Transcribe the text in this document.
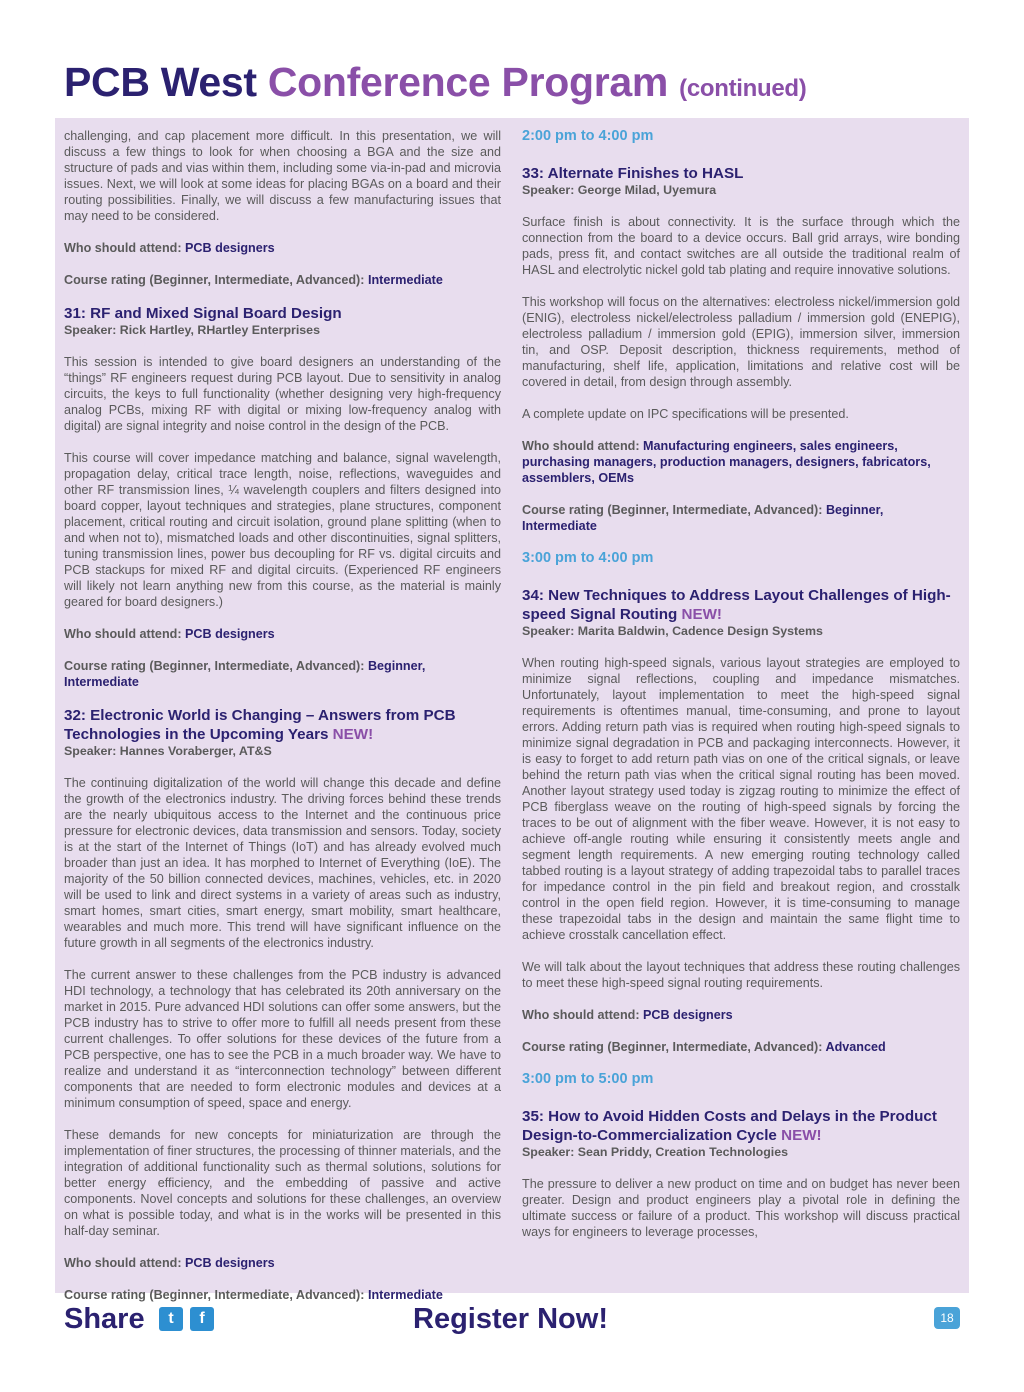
PCB West Conference Program (continued)

challenging, and cap placement more difficult. In this presentation, we will discuss a few things to look for when choosing a BGA and the size and structure of pads and vias within them, including some via-in-pad and microvia issues. Next, we will look at some ideas for placing BGAs on a board and their routing possibilities. Finally, we will discuss a few manufacturing issues that may need to be considered.

Who should attend: PCB designers
Course rating (Beginner, Intermediate, Advanced): Intermediate
31: RF and Mixed Signal Board Design
Speaker: Rick Hartley, RHartley Enterprises

This session is intended to give board designers an understanding of the “things” RF engineers request during PCB layout. Due to sensitivity in analog circuits, the keys to full functionality (whether designing very high-frequency analog PCBs, mixing RF with digital or mixing low-frequency analog with digital) are signal integrity and noise control in the design of the PCB.

This course will cover impedance matching and balance, signal wavelength, propagation delay, critical trace length, noise, reflections, waveguides and other RF transmission lines, ¼ wavelength couplers and filters designed into board copper, layout techniques and strategies, plane structures, component placement, critical routing and circuit isolation, ground plane splitting (when to and when not to), mismatched loads and other discontinuities, signal splitters, tuning transmission lines, power bus decoupling for RF vs. digital circuits and PCB stackups for mixed RF and digital circuits. (Experienced RF engineers will likely not learn anything new from this course, as the material is mainly geared for board designers.)

Who should attend: PCB designers
Course rating (Beginner, Intermediate, Advanced): Beginner, Intermediate
32: Electronic World is Changing – Answers from PCB Technologies in the Upcoming Years NEW!
Speaker: Hannes Voraberger, AT&S

The continuing digitalization of the world will change this decade and define the growth of the electronics industry. The driving forces behind these trends are the nearly ubiquitous access to the Internet and the continuous price pressure for electronic devices, data transmission and sensors. Today, society is at the start of the Internet of Things (IoT) and has already evolved much broader than just an idea. It has morphed to Internet of Everything (IoE). The majority of the 50 billion connected devices, machines, vehicles, etc. in 2020 will be used to link and direct systems in a variety of areas such as industry, smart homes, smart cities, smart energy, smart mobility, smart healthcare, wearables and much more. This trend will have significant influence on the future growth in all segments of the electronics industry.

The current answer to these challenges from the PCB industry is advanced HDI technology, a technology that has celebrated its 20th anniversary on the market in 2015. Pure advanced HDI solutions can offer some answers, but the PCB industry has to strive to offer more to fulfill all needs present from these current challenges. To offer solutions for these devices of the future from a PCB perspective, one has to see the PCB in a much broader way. We have to realize and understand it as “interconnection technology” between different components that are needed to form electronic modules and devices at a minimum consumption of speed, space and energy.

These demands for new concepts for miniaturization are through the implementation of finer structures, the processing of thinner materials, and the integration of additional functionality such as thermal solutions, solutions for better energy efficiency, and the embedding of passive and active components. Novel concepts and solutions for these challenges, an overview on what is possible today, and what is in the works will be presented in this half-day seminar.

Who should attend: PCB designers
Course rating (Beginner, Intermediate, Advanced): Intermediate
2:00 pm to 4:00 pm
33: Alternate Finishes to HASL
Speaker: George Milad, Uyemura

Surface finish is about connectivity. It is the surface through which the connection from the board to a device occurs. Ball grid arrays, wire bonding pads, press fit, and contact switches are all outside the traditional realm of HASL and electrolytic nickel gold tab plating and require innovative solutions.

This workshop will focus on the alternatives: electroless nickel/immersion gold (ENIG), electroless nickel/electroless palladium / immersion gold (ENEPIG), electroless palladium / immersion gold (EPIG), immersion silver, immersion tin, and OSP. Deposit description, thickness requirements, method of manufacturing, shelf life, application, limitations and relative cost will be covered in detail, from design through assembly.

A complete update on IPC specifications will be presented.

Who should attend: Manufacturing engineers, sales engineers, purchasing managers, production managers, designers, fabricators, assemblers, OEMs
Course rating (Beginner, Intermediate, Advanced): Beginner, Intermediate
3:00 pm to 4:00 pm
34: New Techniques to Address Layout Challenges of High-speed Signal Routing NEW!
Speaker: Marita Baldwin, Cadence Design Systems

When routing high-speed signals, various layout strategies are employed to minimize signal reflections, coupling and impedance mismatches. Unfortunately, layout implementation to meet the high-speed signal requirements is oftentimes manual, time-consuming, and prone to layout errors. Adding return path vias is required when routing high-speed signals to minimize signal degradation in PCB and packaging interconnects. However, it is easy to forget to add return path vias on one of the critical signals, or leave behind the return path vias when the critical signal routing has been moved. Another layout strategy used today is zigzag routing to minimize the effect of PCB fiberglass weave on the routing of high-speed signals by forcing the traces to be out of alignment with the fiber weave. However, it is not easy to achieve off-angle routing while ensuring it consistently meets angle and segment length requirements. A new emerging routing technology called tabbed routing is a layout strategy of adding trapezoidal tabs to parallel traces for impedance control in the pin field and breakout region, and crosstalk control in the open field region. However, it is time-consuming to manage these trapezoidal tabs in the design and maintain the same flight time to achieve crosstalk cancellation effect.

We will talk about the layout techniques that address these routing challenges to meet these high-speed signal routing requirements.

Who should attend: PCB designers
Course rating (Beginner, Intermediate, Advanced): Advanced
3:00 pm to 5:00 pm
35: How to Avoid Hidden Costs and Delays in the Product Design-to-Commercialization Cycle NEW!
Speaker: Sean Priddy, Creation Technologies

The pressure to deliver a new product on time and on budget has never been greater. Design and product engineers play a pivotal role in defining the ultimate success or failure of a product. This workshop will discuss practical ways for engineers to leverage processes,

Share	t	f	Register Now!	18
